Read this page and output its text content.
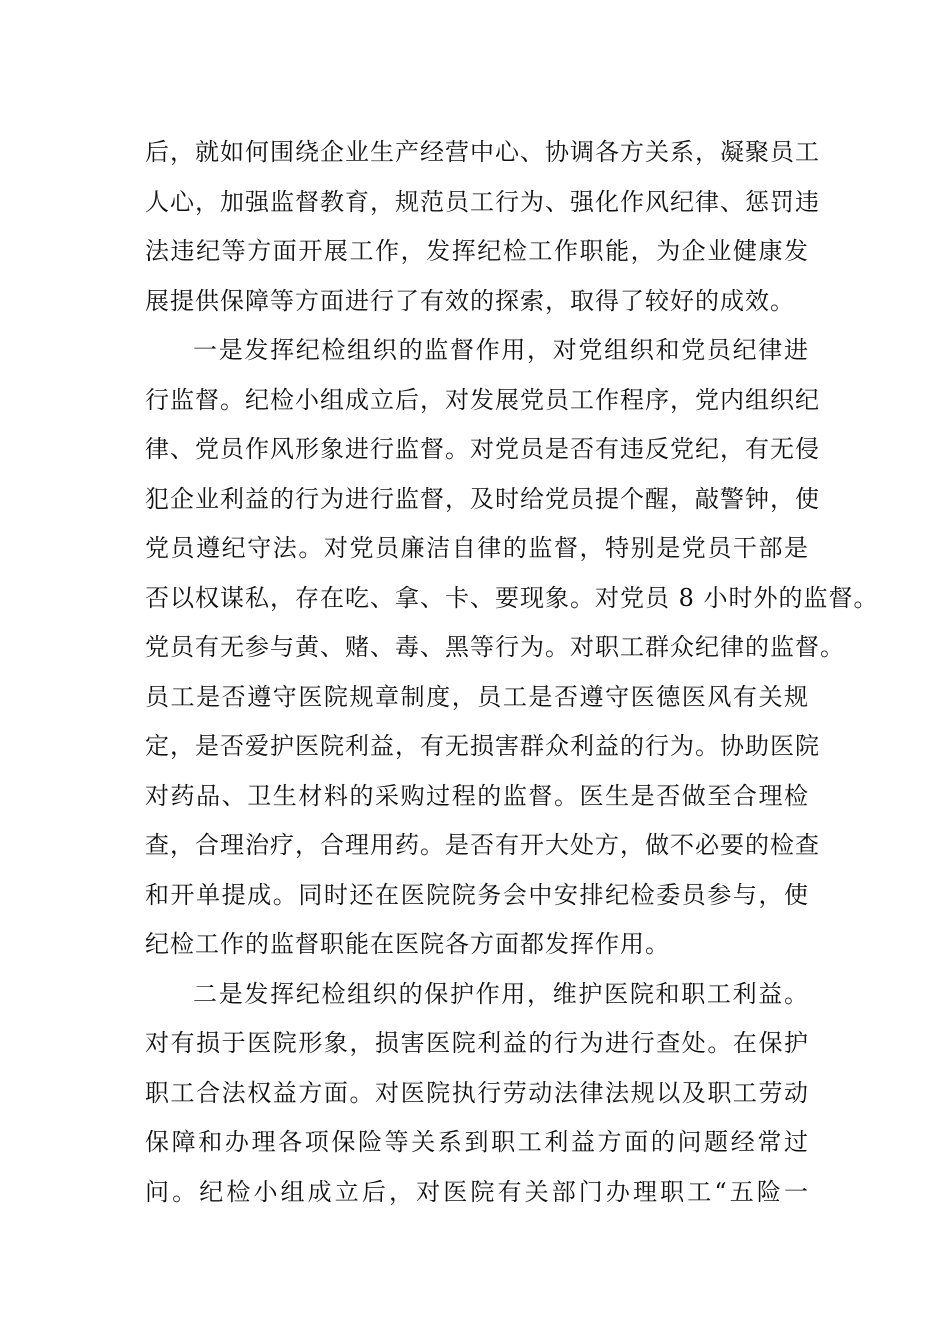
后，就如何围绕企业生产经营中心、协调各方关系，凝聚员工
人心，加强监督教育，规范员工行为、强化作风纪律、惩罚违
法违纪等方面开展工作，发挥纪检工作职能，为企业健康发
展提供保障等方面进行了有效的探索，取得了较好的成效。
一是发挥纪检组织的监督作用，对党组织和党员纪律进
行监督。纪检小组成立后，对发展党员工作程序，党内组织纪
律、党员作风形象进行监督。对党员是否有违反党纪，有无侵
犯企业利益的行为进行监督，及时给党员提个醒，敲警钟，使
党员遵纪守法。对党员廉洁自律的监督，特别是党员干部是
否以权谋私，存在吃、拿、卡、要现象。对党员 8 小时外的监督。
党员有无参与黄、赌、毒、黑等行为。对职工群众纪律的监督。
员工是否遵守医院规章制度，员工是否遵守医德医风有关规
定，是否爱护医院利益，有无损害群众利益的行为。协助医院
对药品、卫生材料的采购过程的监督。医生是否做至合理检
查，合理治疗，合理用药。是否有开大处方，做不必要的检查
和开单提成。同时还在医院院务会中安排纪检委员参与，使
纪检工作的监督职能在医院各方面都发挥作用。
二是发挥纪检组织的保护作用，维护医院和职工利益。
对有损于医院形象，损害医院利益的行为进行查处。在保护
职工合法权益方面。对医院执行劳动法律法规以及职工劳动
保障和办理各项保险等关系到职工利益方面的问题经常过
问。纪检小组成立后，对医院有关部门办理职工“五险一
